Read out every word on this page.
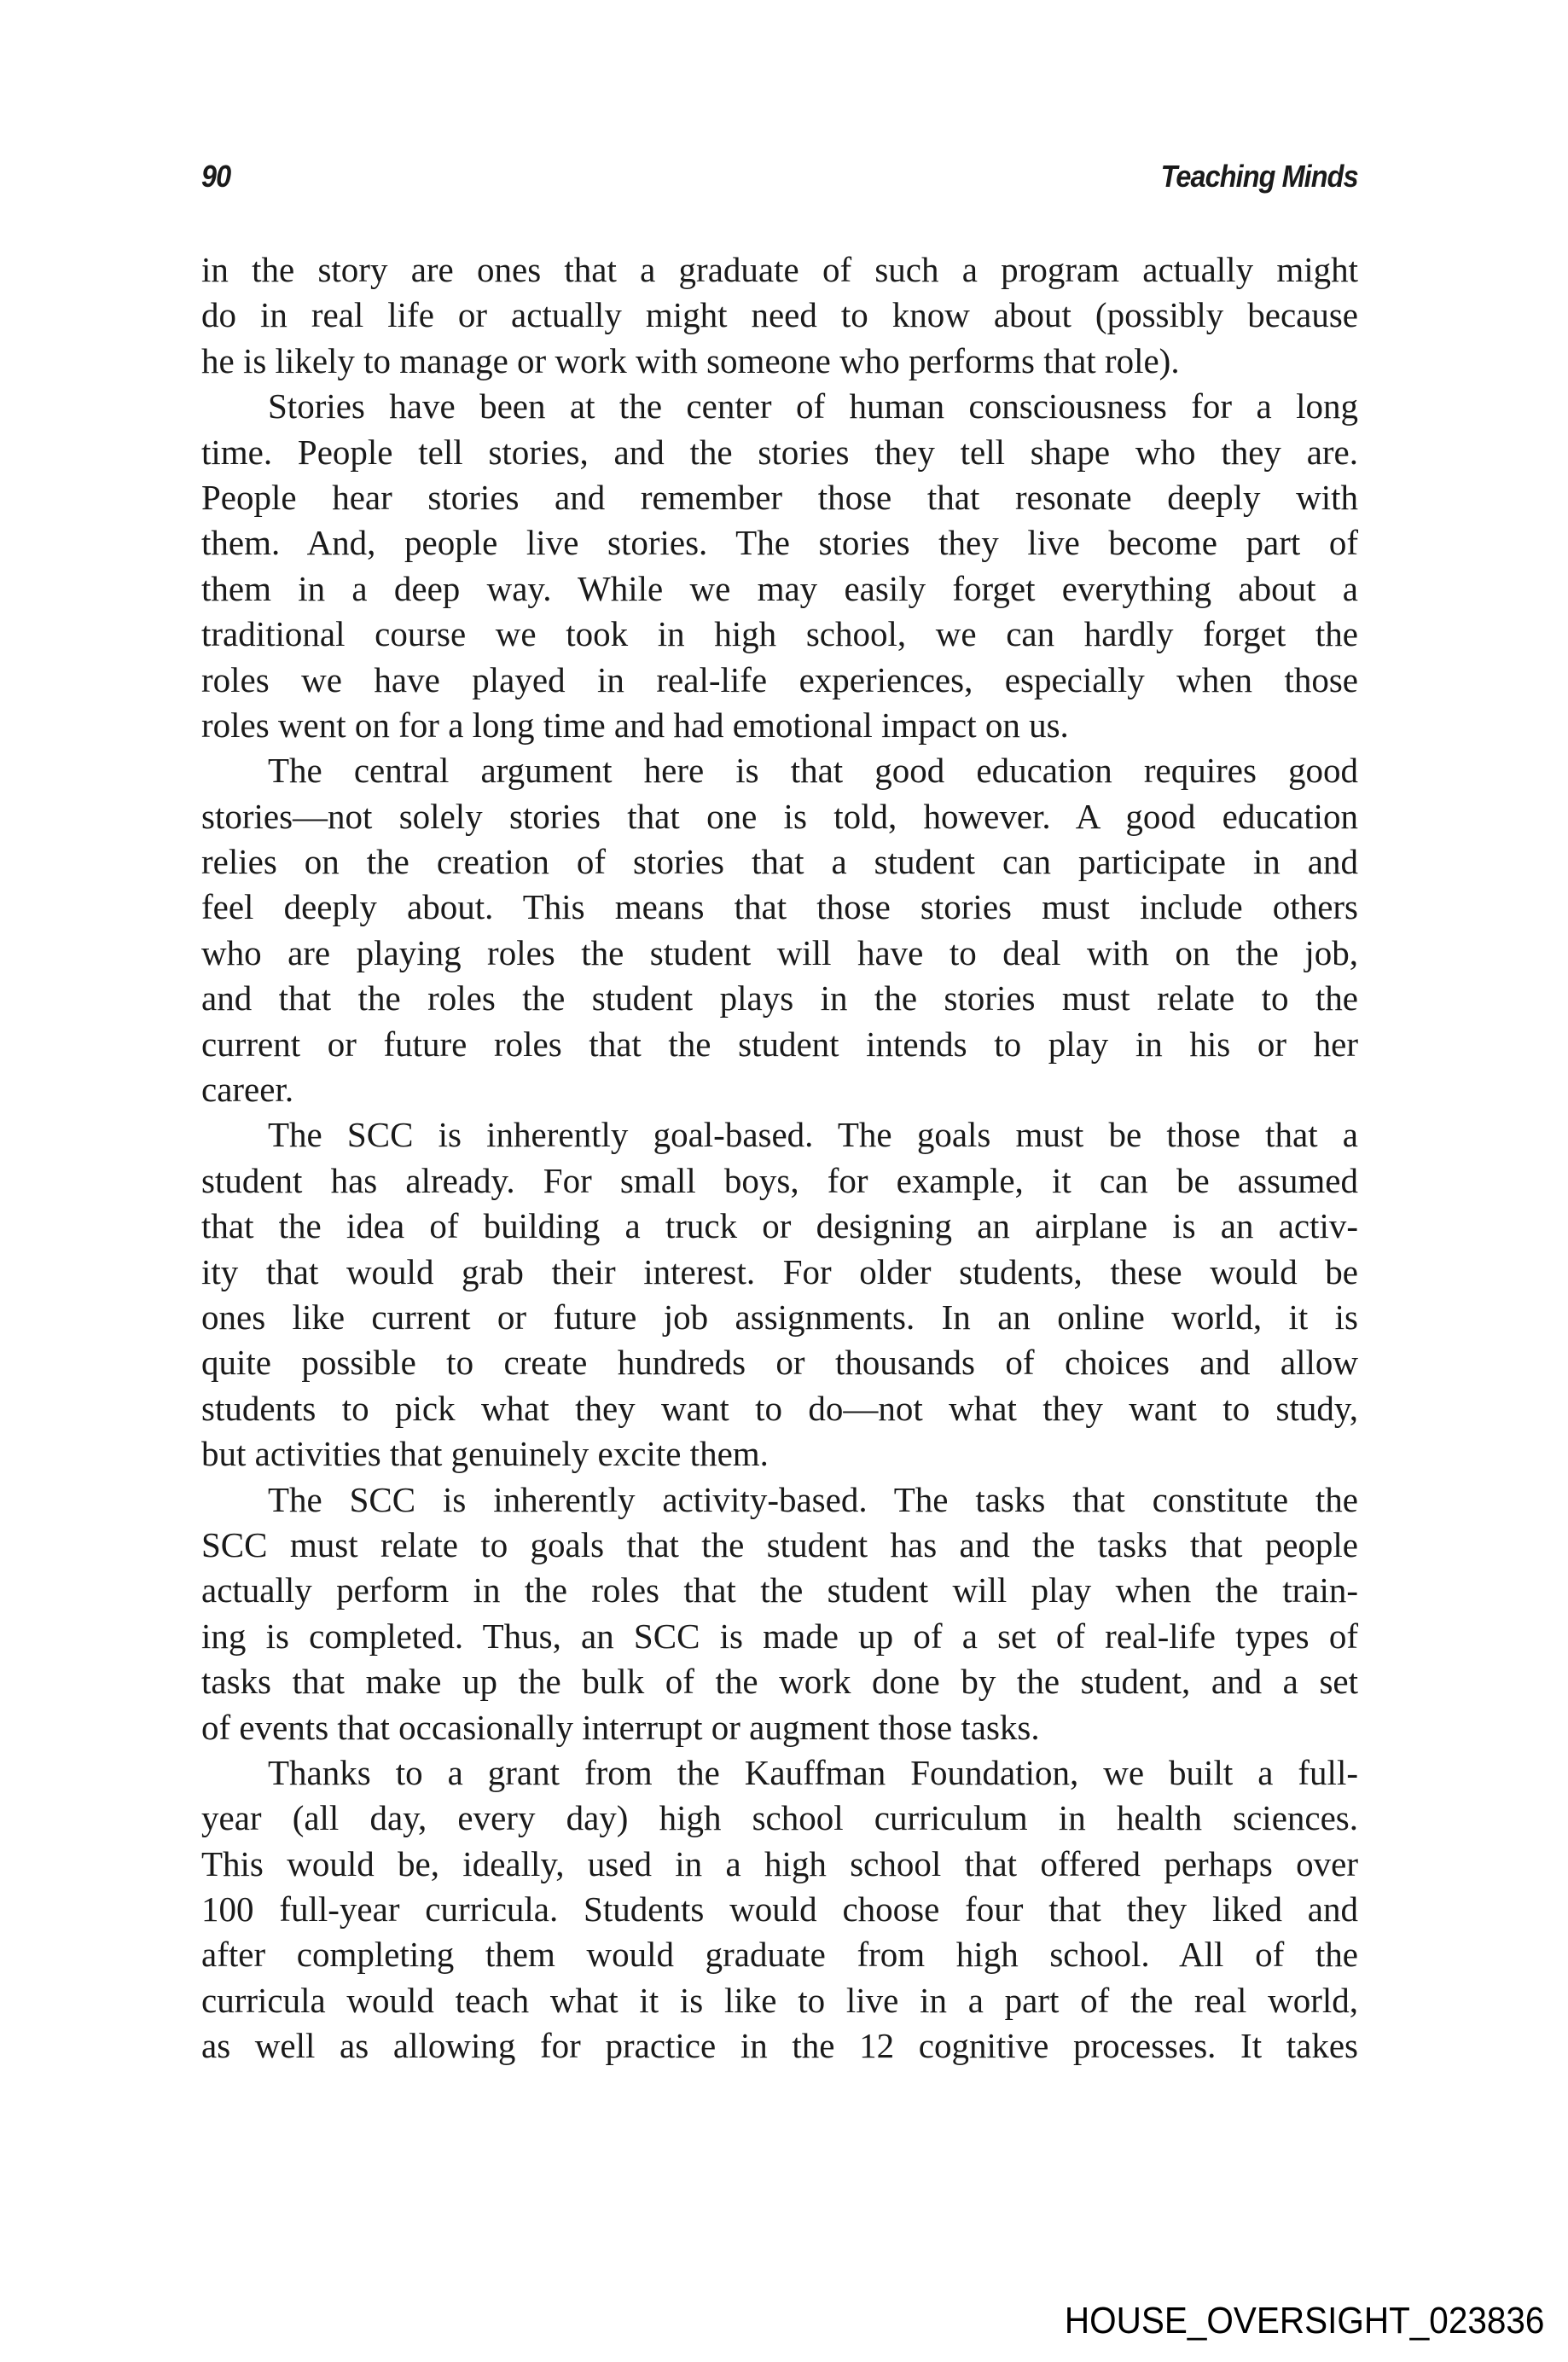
90	Teaching Minds
in the story are ones that a graduate of such a program actually might
do in real life or actually might need to know about (possibly because
he is likely to manage or work with someone who performs that role).
Stories have been at the center of human consciousness for a long
time. People tell stories, and the stories they tell shape who they are.
People hear stories and remember those that resonate deeply with
them. And, people live stories. The stories they live become part of
them in a deep way. While we may easily forget everything about a
traditional course we took in high school, we can hardly forget the
roles we have played in real-life experiences, especially when those
roles went on for a long time and had emotional impact on us.
The central argument here is that good education requires good
stories—not solely stories that one is told, however. A good education
relies on the creation of stories that a student can participate in and
feel deeply about. This means that those stories must include others
who are playing roles the student will have to deal with on the job,
and that the roles the student plays in the stories must relate to the
current or future roles that the student intends to play in his or her
career.
The SCC is inherently goal-based. The goals must be those that a
student has already. For small boys, for example, it can be assumed
that the idea of building a truck or designing an airplane is an activ-
ity that would grab their interest. For older students, these would be
ones like current or future job assignments. In an online world, it is
quite possible to create hundreds or thousands of choices and allow
students to pick what they want to do—not what they want to study,
but activities that genuinely excite them.
The SCC is inherently activity-based. The tasks that constitute the
SCC must relate to goals that the student has and the tasks that people
actually perform in the roles that the student will play when the train-
ing is completed. Thus, an SCC is made up of a set of real-life types of
tasks that make up the bulk of the work done by the student, and a set
of events that occasionally interrupt or augment those tasks.
Thanks to a grant from the Kauffman Foundation, we built a full-
year (all day, every day) high school curriculum in health sciences.
This would be, ideally, used in a high school that offered perhaps over
100 full-year curricula. Students would choose four that they liked and
after completing them would graduate from high school. All of the
curricula would teach what it is like to live in a part of the real world,
as well as allowing for practice in the 12 cognitive processes. It takes
HOUSE_OVERSIGHT_023836
